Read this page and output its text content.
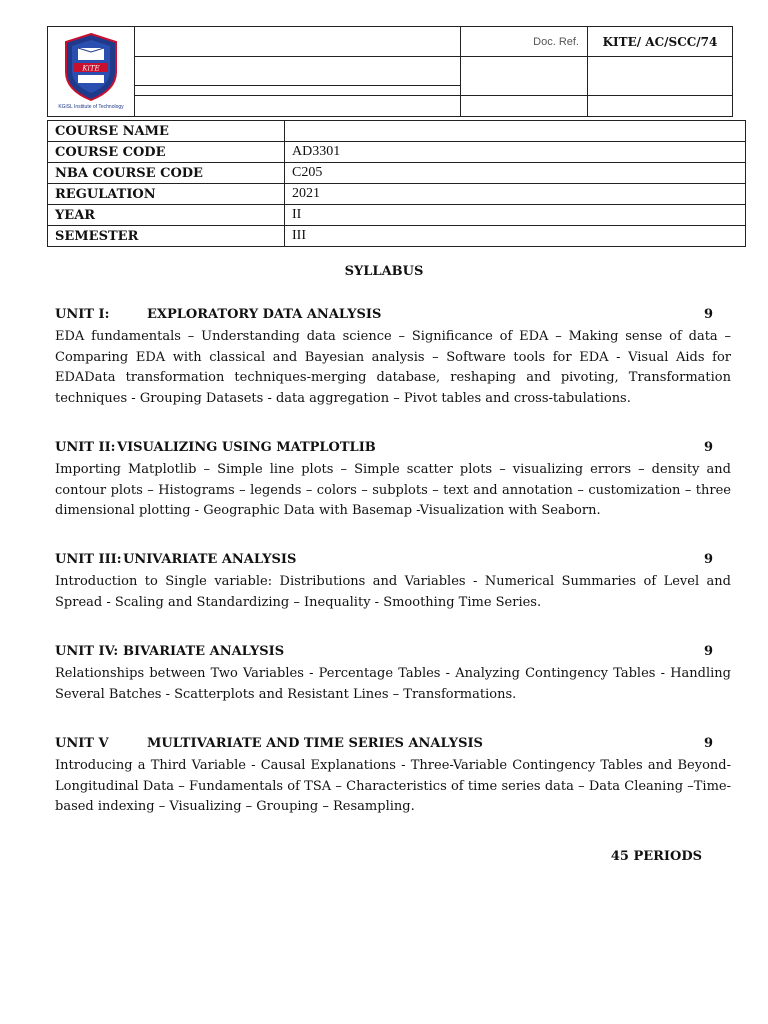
KiTE
KGiSL Institute of Technology		Doc. Ref.	KITE/ AC/SCC/74

COURSE NAME	
COURSE CODE	AD3301
NBA COURSE CODE	C205
REGULATION	2021
YEAR	II
SEMESTER	III
SYLLABUS
UNIT I:	EXPLORATORY DATA ANALYSIS	9
EDA fundamentals – Understanding data science – Significance of EDA – Making sense of data – Comparing EDA with classical and Bayesian analysis – Software tools for EDA - Visual Aids for EDAData transformation techniques-merging database, reshaping and pivoting, Transformation techniques - Grouping Datasets - data aggregation – Pivot tables and cross-tabulations.
UNIT II: VISUALIZING USING MATPLOTLIB	9
Importing Matplotlib – Simple line plots – Simple scatter plots – visualizing errors – density and contour plots – Histograms – legends – colors – subplots – text and annotation – customization – three dimensional plotting - Geographic Data with Basemap -Visualization with Seaborn.
UNIT III: UNIVARIATE ANALYSIS	9
Introduction to Single variable: Distributions and Variables - Numerical Summaries of Level and Spread - Scaling and Standardizing – Inequality - Smoothing Time Series.
UNIT IV: BIVARIATE ANALYSIS	9
Relationships between Two Variables - Percentage Tables - Analyzing Contingency Tables - Handling Several Batches - Scatterplots and Resistant Lines – Transformations.
UNIT V	MULTIVARIATE AND TIME SERIES ANALYSIS	9
Introducing a Third Variable - Causal Explanations - Three-Variable Contingency Tables and Beyond- Longitudinal Data – Fundamentals of TSA – Characteristics of time series data – Data Cleaning –Time-based indexing – Visualizing – Grouping – Resampling.
45 PERIODS
